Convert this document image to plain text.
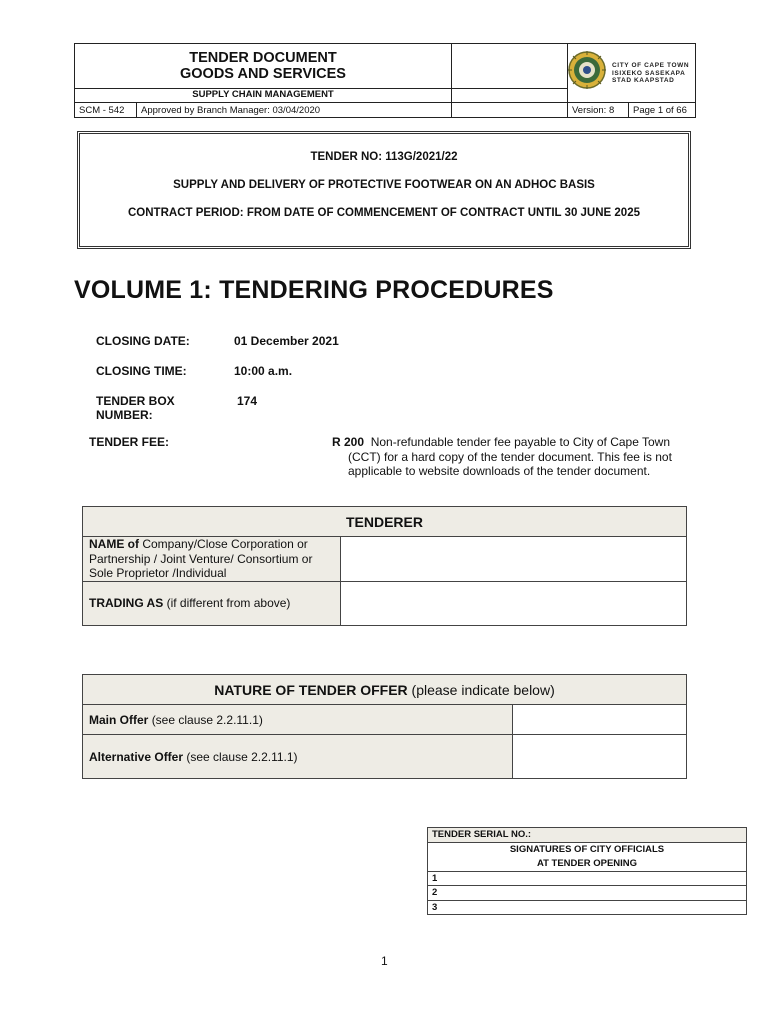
TENDER DOCUMENT
GOODS AND SERVICES
SUPPLY CHAIN MANAGEMENT
SCM - 542 Approved by Branch Manager: 03/04/2020	Version: 8 Page 1 of 66
CITY OF CAPE TOWN
ISIXEKO SASEKAPA
STAD KAAPSTAD

TENDER NO: 113G/2021/22

SUPPLY AND DELIVERY OF PROTECTIVE FOOTWEAR ON AN ADHOC BASIS

CONTRACT PERIOD: FROM DATE OF COMMENCEMENT OF CONTRACT UNTIL 30 JUNE 2025

VOLUME 1: TENDERING PROCEDURES
CLOSING DATE:	01 December 2021
CLOSING TIME:	10:00 a.m.
TENDER BOX
NUMBER:
174
TENDER FEE:	R 200 Non-refundable tender fee payable to City of Cape Town
(CCT) for a hard copy of the tender document. This fee is not
applicable to website downloads of the tender document.
TENDERER	
NAME of Company/Close Corporation or
Partnership / Joint Venture/ Consortium or
Sole Proprietor /Individual	
TRADING AS (if different from above)	
NATURE OF TENDER OFFER (please indicate below)	
Main Offer (see clause 2.2.11.1)	
Alternative Offer (see clause 2.2.11.1)	
TENDER SERIAL NO.:

SIGNATURES OF CITY OFFICIALS
AT TENDER OPENING

1
2
3
1
